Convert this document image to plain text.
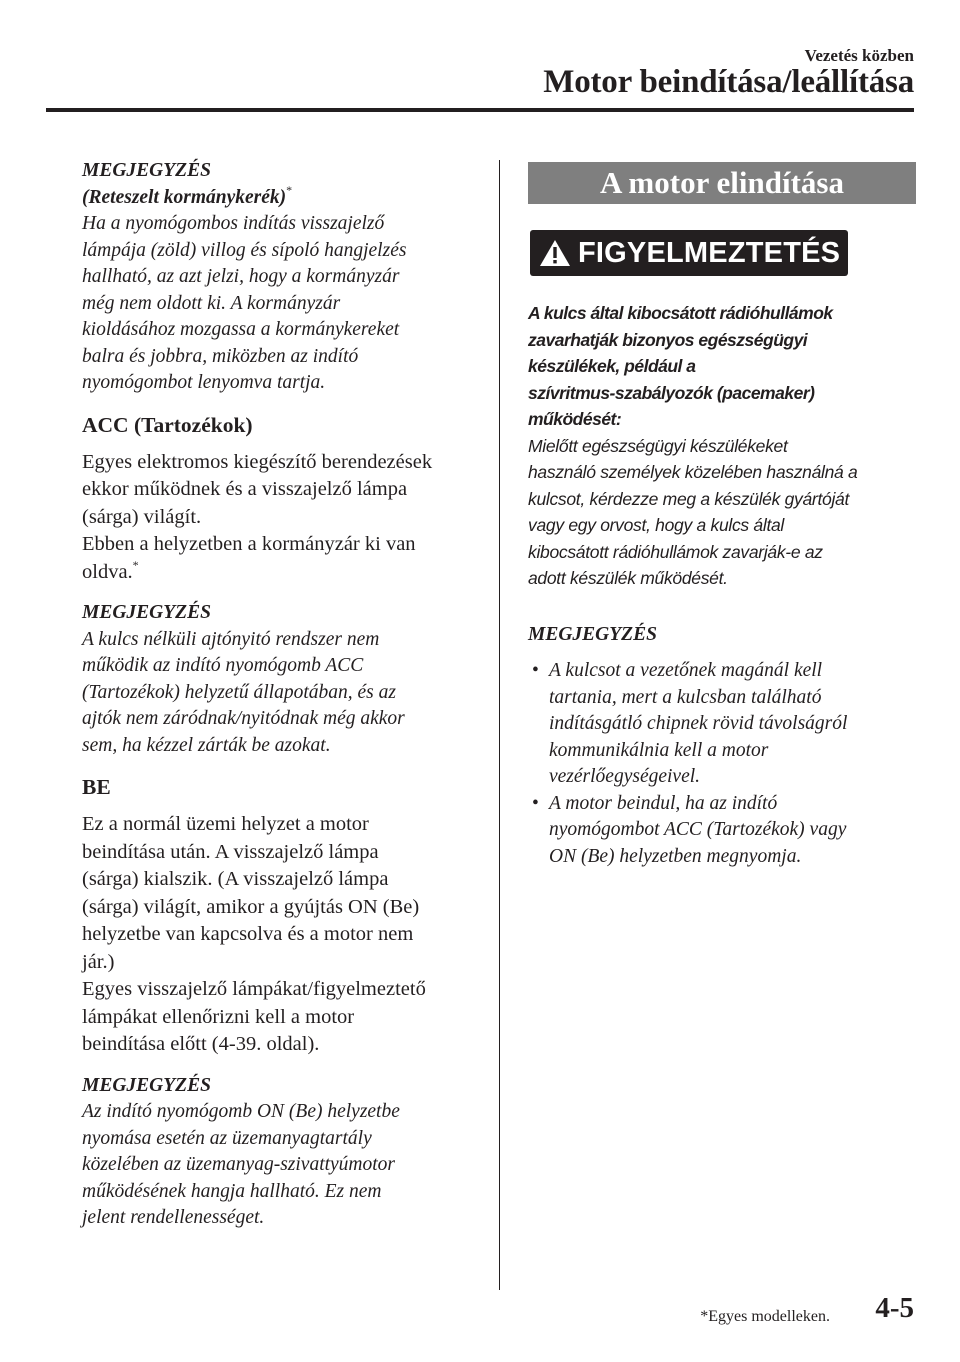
Vezetés közben
Motor beindítása/leállítása
MEGJEGYZÉS
(Reteszelt kormánykerék)*
Ha a nyomógombos indítás visszajelző
lámpája (zöld) villog és sípoló hangjelzés
hallható, az azt jelzi, hogy a kormányzár
még nem oldott ki. A kormányzár
kioldásához mozgassa a kormánykereket
balra és jobbra, miközben az indító
nyomógombot lenyomva tartja.
ACC (Tartozékok)
Egyes elektromos kiegészítő berendezések
ekkor működnek és a visszajelző lámpa
(sárga) világít.
Ebben a helyzetben a kormányzár ki van
oldva.*
MEGJEGYZÉS
A kulcs nélküli ajtónyitó rendszer nem
működik az indító nyomógomb ACC
(Tartozékok) helyzetű állapotában, és az
ajtók nem záródnak/nyitódnak még akkor
sem, ha kézzel zárták be azokat.
BE
Ez a normál üzemi helyzet a motor
beindítása után. A visszajelző lámpa
(sárga) kialszik. (A visszajelző lámpa
(sárga) világít, amikor a gyújtás ON (Be)
helyzetbe van kapcsolva és a motor nem
jár.)
Egyes visszajelző lámpákat/figyelmeztető
lámpákat ellenőrizni kell a motor
beindítása előtt (4-39. oldal).
MEGJEGYZÉS
Az indító nyomógomb ON (Be) helyzetbe
nyomása esetén az üzemanyagtartály
közelében az üzemanyag-szivattyúmotor
működésének hangja hallható. Ez nem
jelent rendellenességet.
A motor elindítása
FIGYELMEZTETÉS
A kulcs által kibocsátott rádióhullámok
zavarhatják bizonyos egészségügyi
készülékek, például a
szívritmus-szabályozók (pacemaker)
működését:
Mielőtt egészségügyi készülékeket
használó személyek közelében használná a
kulcsot, kérdezze meg a készülék gyártóját
vagy egy orvost, hogy a kulcs által
kibocsátott rádióhullámok zavarják-e az
adott készülék működését.
MEGJEGYZÉS
• A kulcsot a vezetőnek magánál kell
tartania, mert a kulcsban található
indításgátló chipnek rövid távolságról
kommunikálnia kell a motor
vezérlőegységeivel.
• A motor beindul, ha az indító
nyomógombot ACC (Tartozékok) vagy
ON (Be) helyzetben megnyomja.
*Egyes modelleken. 4-5
